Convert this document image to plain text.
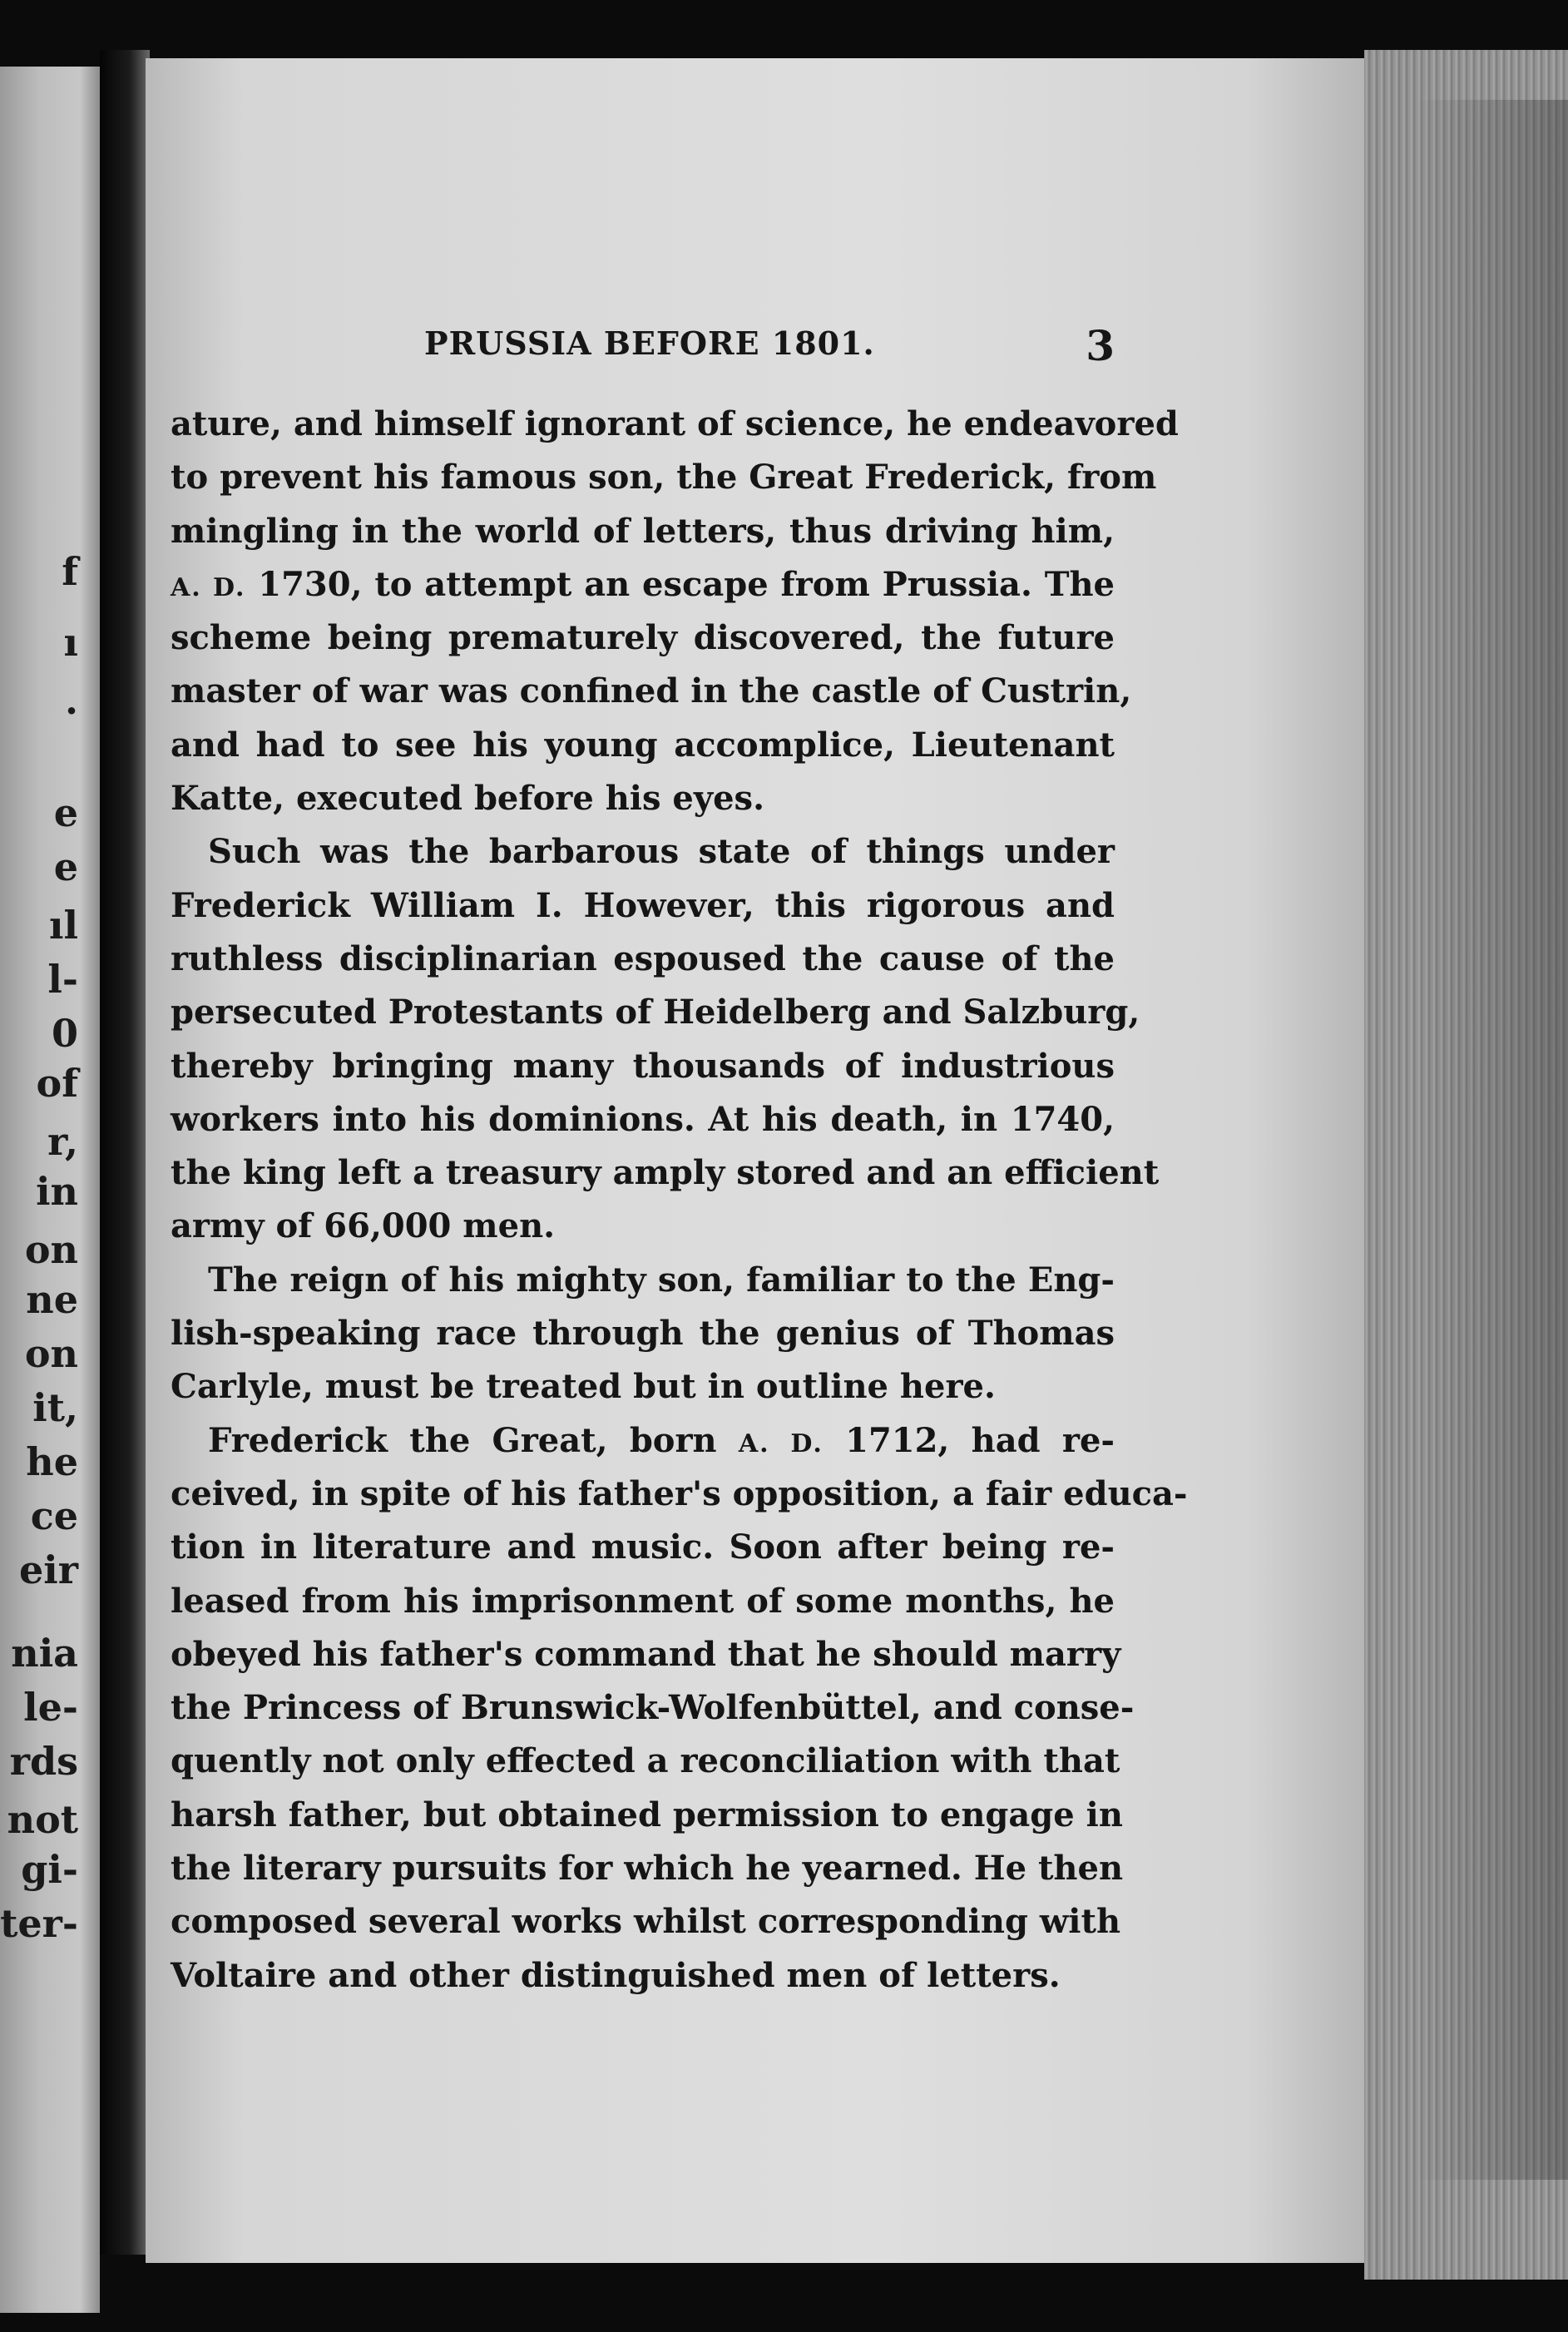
f
ı
.
e
e
ıl
l-
0
of
r,
in
on
ne
on
it,
he
ce
eir
nia
le-
rds
not
gi-
ter-
PRUSSIA BEFORE 1801.	3
ature, and himself ignorant of science, he endeavored
to prevent his famous son, the Great Frederick, from
mingling in the world of letters, thus driving him,
A. D. 1730, to attempt an escape from Prussia. The
scheme being prematurely discovered, the future
master of war was confined in the castle of Custrin,
and had to see his young accomplice, Lieutenant
Katte, executed before his eyes.
Such was the barbarous state of things under
Frederick William I. However, this rigorous and
ruthless disciplinarian espoused the cause of the
persecuted Protestants of Heidelberg and Salzburg,
thereby bringing many thousands of industrious
workers into his dominions. At his death, in 1740,
the king left a treasury amply stored and an efficient
army of 66,000 men.
The reign of his mighty son, familiar to the Eng-
lish-speaking race through the genius of Thomas
Carlyle, must be treated but in outline here.
Frederick the Great, born A. D. 1712, had re-
ceived, in spite of his father's opposition, a fair educa-
tion in literature and music. Soon after being re-
leased from his imprisonment of some months, he
obeyed his father's command that he should marry
the Princess of Brunswick-Wolfenbüttel, and conse-
quently not only effected a reconciliation with that
harsh father, but obtained permission to engage in
the literary pursuits for which he yearned. He then
composed several works whilst corresponding with
Voltaire and other distinguished men of letters.
